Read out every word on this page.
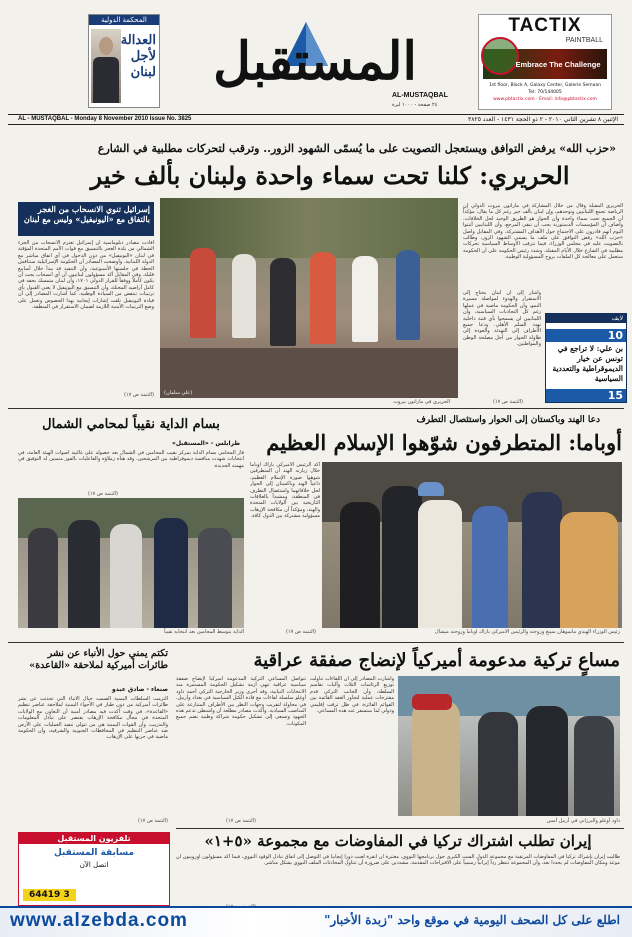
المحكمة الدولية
العدالة
لأجل
لبنان	المستقبل
AL-MUSTAQBAL
٢٤ صفحة - ١٠٠٠ ليرة
TACTIX
PAINTBALL
Embrace The Challenge
1st floor, Block A, Galaxy Center, Galerie Semaan
Tel: 70/144005
www.pbtactix.com - Email: info@pbtactix.com
AL - MUSTAQBAL - Monday 8 November 2010 Issue No. 3825	الإثنين ٨ تشرين الثاني ٢٠١٠ - ٢ ذو الحجة ١٤٣١ - العدد ٣٨٢٥
«حزب الله» يرفض التوافق ويستعجل التصويت على ما يُسمّى الشهود الزور.. وترقب لتحركات مطلبية في الشارع
الحريري: كلنا تحت سماء واحدة ولبنان بألف خير
الحريري المقبلة وقال من خلال المشاركة في ماراتون بيروت الدولي إن الرياضة تجمع اللبنانيين وتوحدهم، وإن لبنان بألف خير رغم كل ما يقال، مؤكداً أن الجميع تحت سماء واحدة وأن الحوار هو الطريق الوحيد لحل الخلافات. وأضاف أن المؤسسات الدستورية يجب أن تبقى المرجع، وأن اللبنانيين أثبتوا اليوم أنهم قادرون على الاجتماع حول الأهداف المشتركة. وفي المقابل واصل «حزب الله» رفض التوافق على ملف ما يسمى الشهود الزور، وطالب بالتصويت عليه في مجلس الوزراء، فيما تترقب الأوساط السياسية تحركات مطلبية في الشارع خلال الأيام المقبلة. وشدد رئيس الحكومة على أن الحكومة ستعمل على معالجة كل الملفات بروح المسؤولية الوطنية.
لايف
10
بن علي: لا تراجع في تونس عن خيار الديموقراطية والتعددية السياسية
15
وأشار إلى أن لبنان يحتاج إلى الاستقرار والهدوء لمواصلة مسيرة النمو، وأن الحكومة ماضية في عملها رغم كل التجاذبات السياسية، وأن اللبنانيين لن يسمحوا بأي فتنة داخلية تهدد السلم الأهلي. ودعا جميع الأطراف إلى التهدئة والعودة إلى طاولة الحوار من أجل مصلحة الوطن والمواطنين.
(علي سلمان)
الحريري في ماراتون بيروت	(التتمة ص ١٧)
إسرائيل تنوي الانسحاب من الغجر بالتفاق مع «اليونيفيل» وليس مع لبنان
أفادت مصادر دبلوماسية أن إسرائيل تعتزم الانسحاب من الجزء الشمالي من بلدة الغجر بالتنسيق مع قوات الأمم المتحدة المؤقتة في لبنان «اليونيفيل» من دون الدخول في أي اتفاق مباشر مع الدولة اللبنانية. وأوضحت المصادر أن الحكومة الإسرائيلية ستناقش الخطة في جلستها الأسبوعية، وأن التنفيذ قد يبدأ خلال أسابيع قليلة. وفي المقابل أكد مسؤولون لبنانيون أن أي انسحاب يجب أن يكون كاملاً ووفقاً للقرار الدولي ١٧٠١، وأن لبنان متمسك بحقه في كامل أراضيه المحتلة، وأن التنسيق مع اليونيفيل لا يعني القبول بأي ترتيبات تنتقص من السيادة الوطنية. كما أشارت المصادر إلى أن قيادة اليونيفيل تلقت إشارات إيجابية بهذا الخصوص وتعمل على وضع الترتيبات الأمنية اللازمة لضمان الاستقرار في المنطقة.
(التتمة ص ١٧)
دعا الهند وباكستان إلى الحوار واستئصال التطرف
أوباما: المتطرفون شوّهوا الإسلام العظيم
أكد الرئيس الأميركي باراك أوباما خلال زيارته الهند أن المتطرفين شوهوا صورة الإسلام العظيم، داعياً الهند وباكستان إلى الحوار لحل خلافاتهما واستئصال التطرف في المنطقة، ومشيداً بالعلاقات التاريخية بين الولايات المتحدة والهند، ومؤكداً أن مكافحة الإرهاب مسؤولية مشتركة بين الدول كافة.
رئيس الوزراء الهندي مانموهان سينغ وزوجته والرئيس الأميركي باراك أوباما وزوجته ميشال
(التتمة ص ١٧)
بسام الداية نقيباً لمحامي الشمال
طرابلس - «المستقبل»
فاز المحامي بسام الداية بمركز نقيب المحامين في الشمال بعد حصوله على غالبية أصوات الهيئة العامة، في انتخابات شهدت منافسة ديموقراطية بين المرشحين، وقد هنأه زملاؤه والفاعليات بالفوز متمنين له التوفيق في مهمته الجديدة.
(التتمة ص ١٧)
الداية يتوسط المحامين بعد انتخابه نقيباً
مساعٍ تركية مدعومة أميركياً لإنضاج صفقة عراقية
تتواصل المساعي التركية المدعومة أميركياً لإنضاج صفقة سياسية عراقية تنهي أزمة تشكيل الحكومة المستمرة منذ الانتخابات النيابية، وقد أجرى وزير الخارجية التركي أحمد داود أوغلو سلسلة لقاءات مع قادة الكتل السياسية في بغداد وأربيل، في محاولة لتقريب وجهات النظر بين الأطراف المتنازعة على المناصب السيادية. وأكدت مصادر مطلعة أن واشنطن تدعم هذه الجهود وتسعى إلى تشكيل حكومة شراكة وطنية تضم جميع المكونات.
وأشارت المصادر إلى أن اللقاءات تناولت توزيع الرئاسات الثلاث وآليات تقاسم السلطة، وأن الجانب التركي قدم مقترحات عملية لتجاوز العقد القائمة بين القوائم الفائزة، في ظل ترقب إقليمي ودولي لما ستسفر عنه هذه المساعي.
داود أوغلو والبرزاني في أربيل أمس
(التتمة ص ١٧)
تكتم يمني حول الأنباء عن نشر طائرات أميركية لملاحقة «القاعدة»
صنعاء - صادق عبدو
التزمت السلطات اليمنية الصمت حيال الأنباء التي تحدثت عن نشر طائرات أميركية من دون طيار في الأجواء اليمنية لملاحقة عناصر تنظيم «القاعدة»، في وقت أكدت فيه مصادر أمنية أن التعاون مع الولايات المتحدة في مجال مكافحة الإرهاب يقتصر على تبادل المعلومات والتدريب، وأن القوات اليمنية هي من تتولى تنفيذ العمليات على الأرض ضد عناصر التنظيم في المحافظات الجنوبية والشرقية، وأن الحكومة ماضية في حربها على الإرهاب.
(التتمة ص ١٧)
إيران تطلب اشتراك تركيا في المفاوضات مع مجموعة «٥+١»
طالبت إيران بإشراك تركيا في المفاوضات المرتقبة مع مجموعة الدول الست الكبرى حول برنامجها النووي، معتبرة أن أنقرة لعبت دوراً إيجابياً في التوصل إلى اتفاق تبادل الوقود النووي، فيما أكد مسؤولون أوروبيون أن موعد ومكان المفاوضات لم يحددا بعد، وأن المجموعة تنتظر رداً إيرانياً رسمياً على الاقتراحات المقدمة، مشددين على ضرورة أن تتناول المحادثات الملف النووي بشكل مباشر.
تلفزيون المستقبل
مسابقة المستقبل
اتصل الآن
64419 3
www.alzebda.com	اطلع على كل الصحف اليومية في موقع واحد "زبدة الأخبار"
